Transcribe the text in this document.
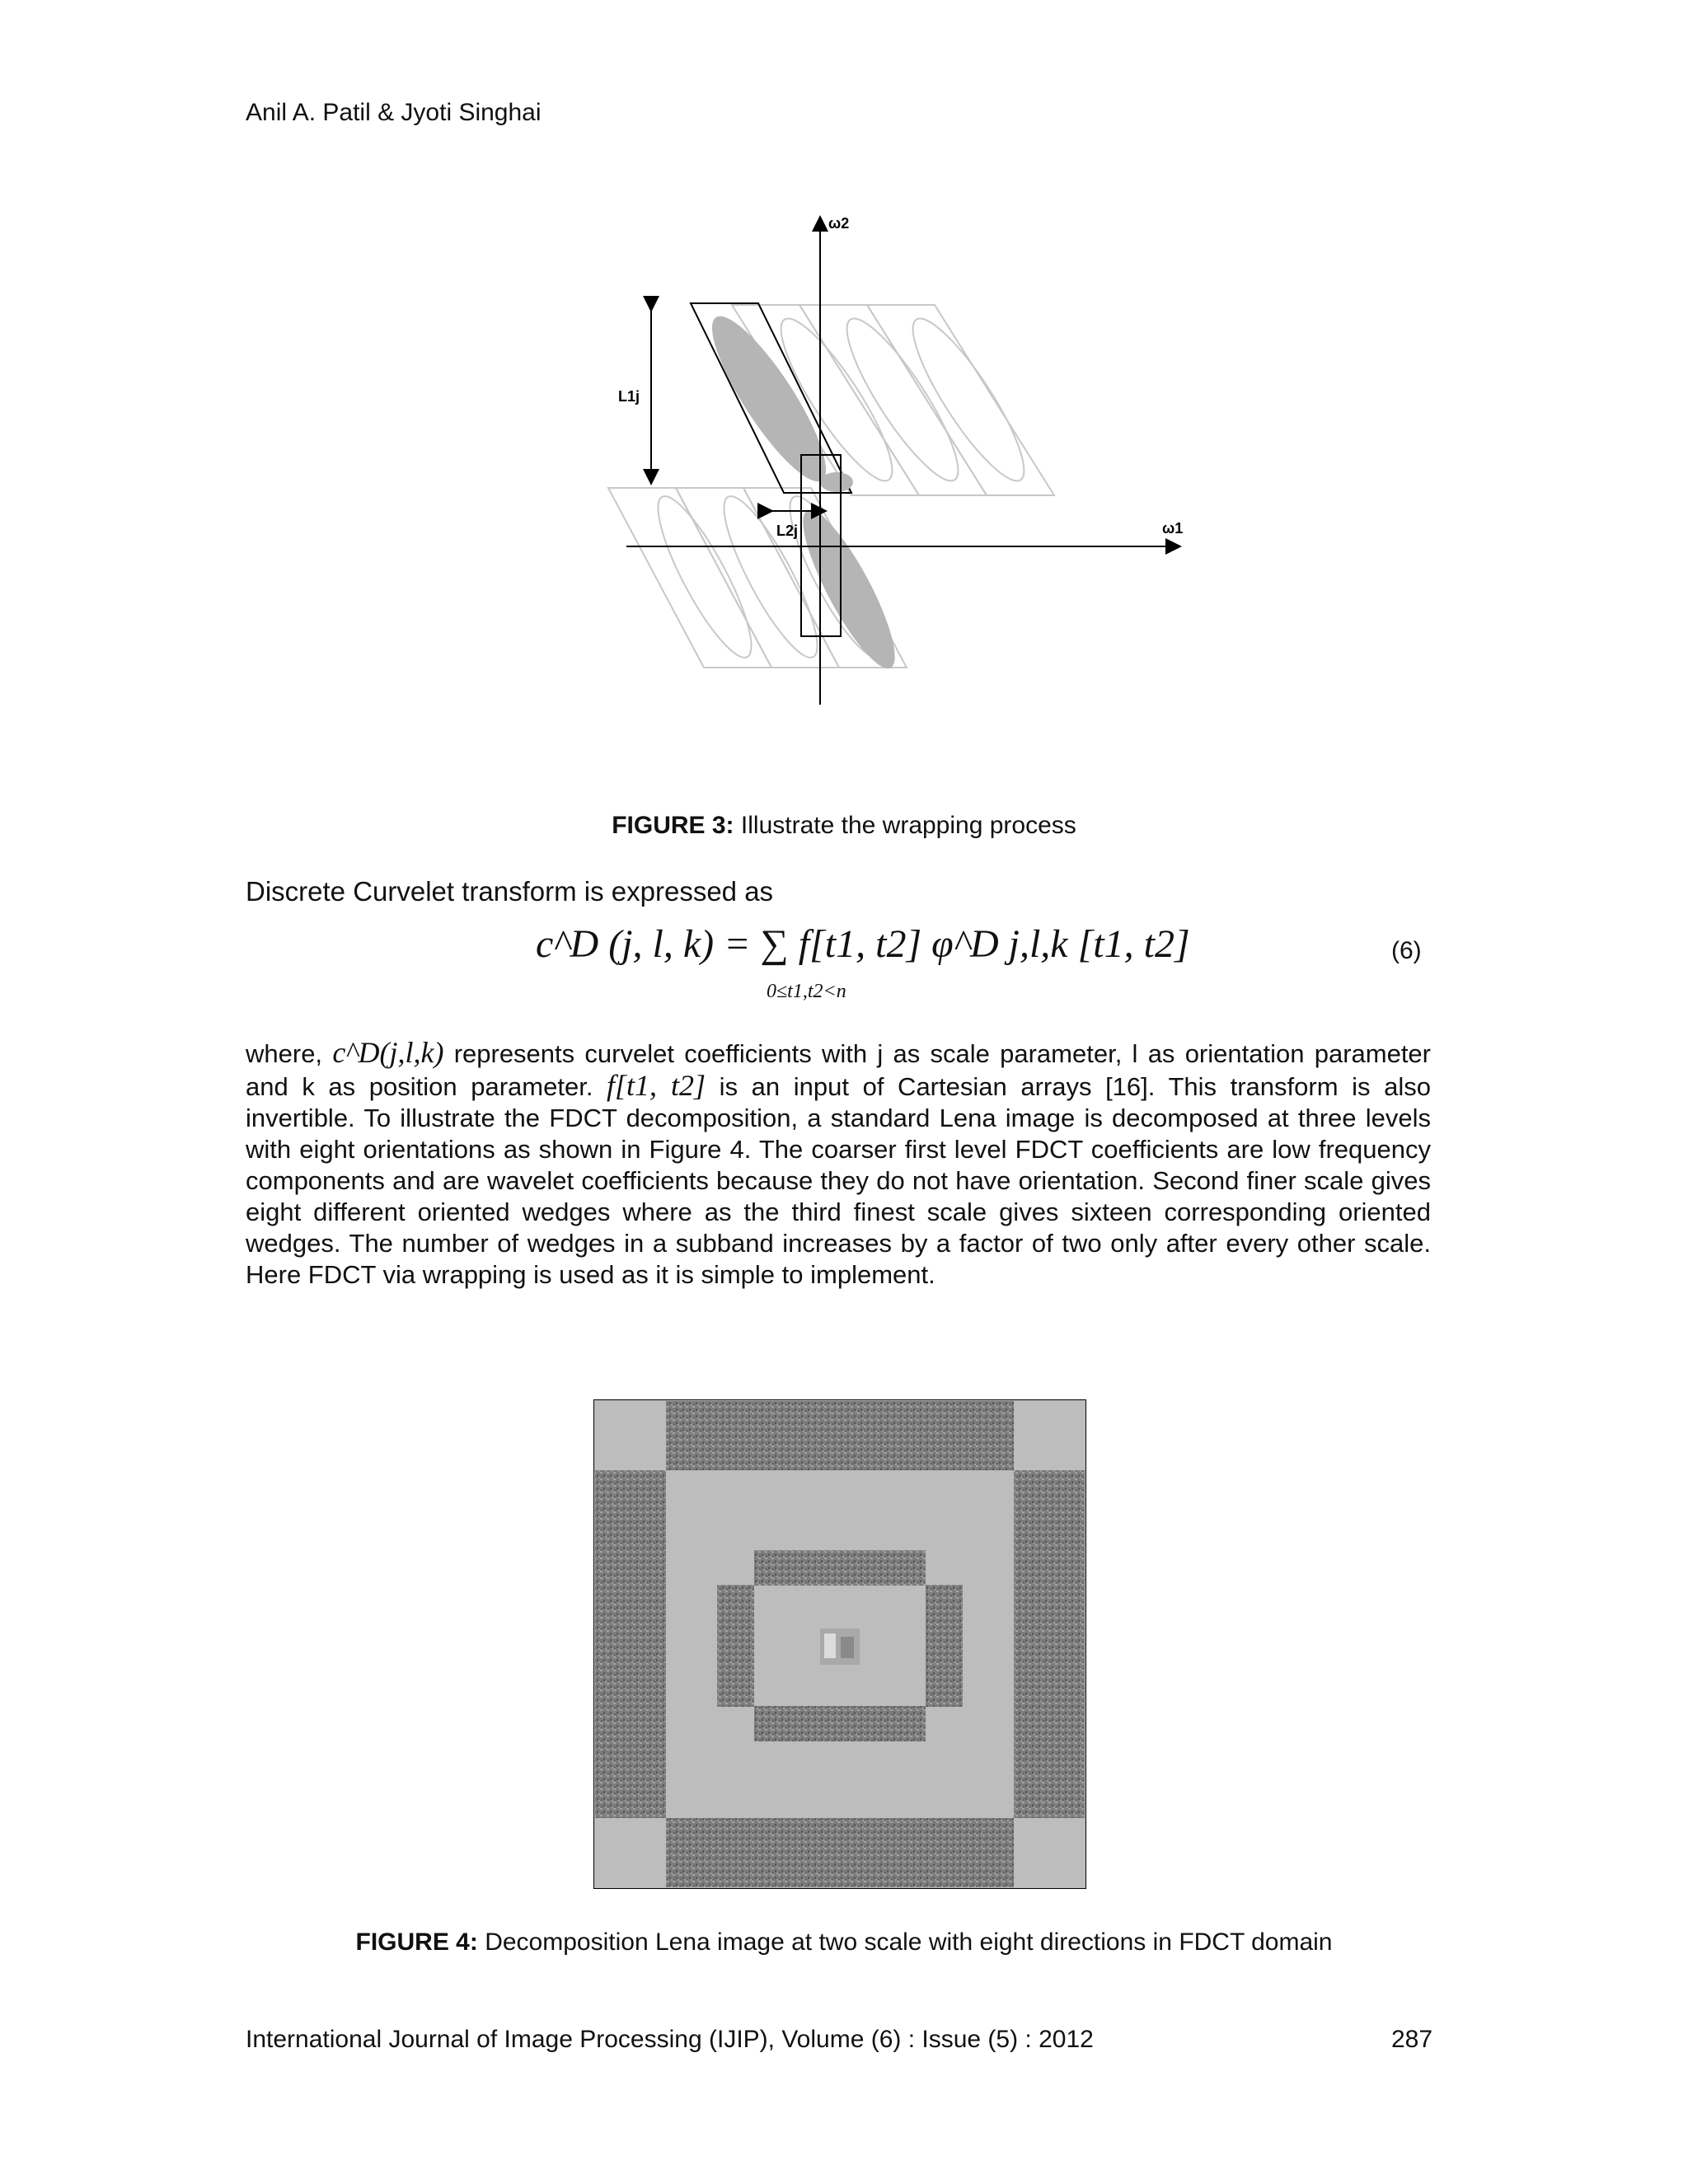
Anil A. Patil & Jyoti Singhai
L1j
L2j	ω1
ω2
FIGURE 3: Illustrate the wrapping process
Discrete Curvelet transform is expressed as
c^D (j, l, k) = ∑ f[t1, t2] φ^D j,l,k [t1, t2]
0≤t1,t2<n
(6)
where, c^D(j,l,k) represents curvelet coefficients with j as scale parameter, l as orientation parameter and k as position parameter. f[t1, t2] is an input of Cartesian arrays [16]. This transform is also invertible. To illustrate the FDCT decomposition, a standard Lena image is decomposed at three levels with eight orientations as shown in Figure 4. The coarser first level FDCT coefficients are low frequency components and are wavelet coefficients because they do not have orientation. Second finer scale gives eight different oriented wedges where as the third finest scale gives sixteen corresponding oriented wedges. The number of wedges in a subband increases by a factor of two only after every other scale. Here FDCT via wrapping is used as it is simple to implement.
FIGURE 4: Decomposition Lena image at two scale with eight directions in FDCT domain
International Journal of Image Processing (IJIP), Volume (6) : Issue (5) : 2012	287
